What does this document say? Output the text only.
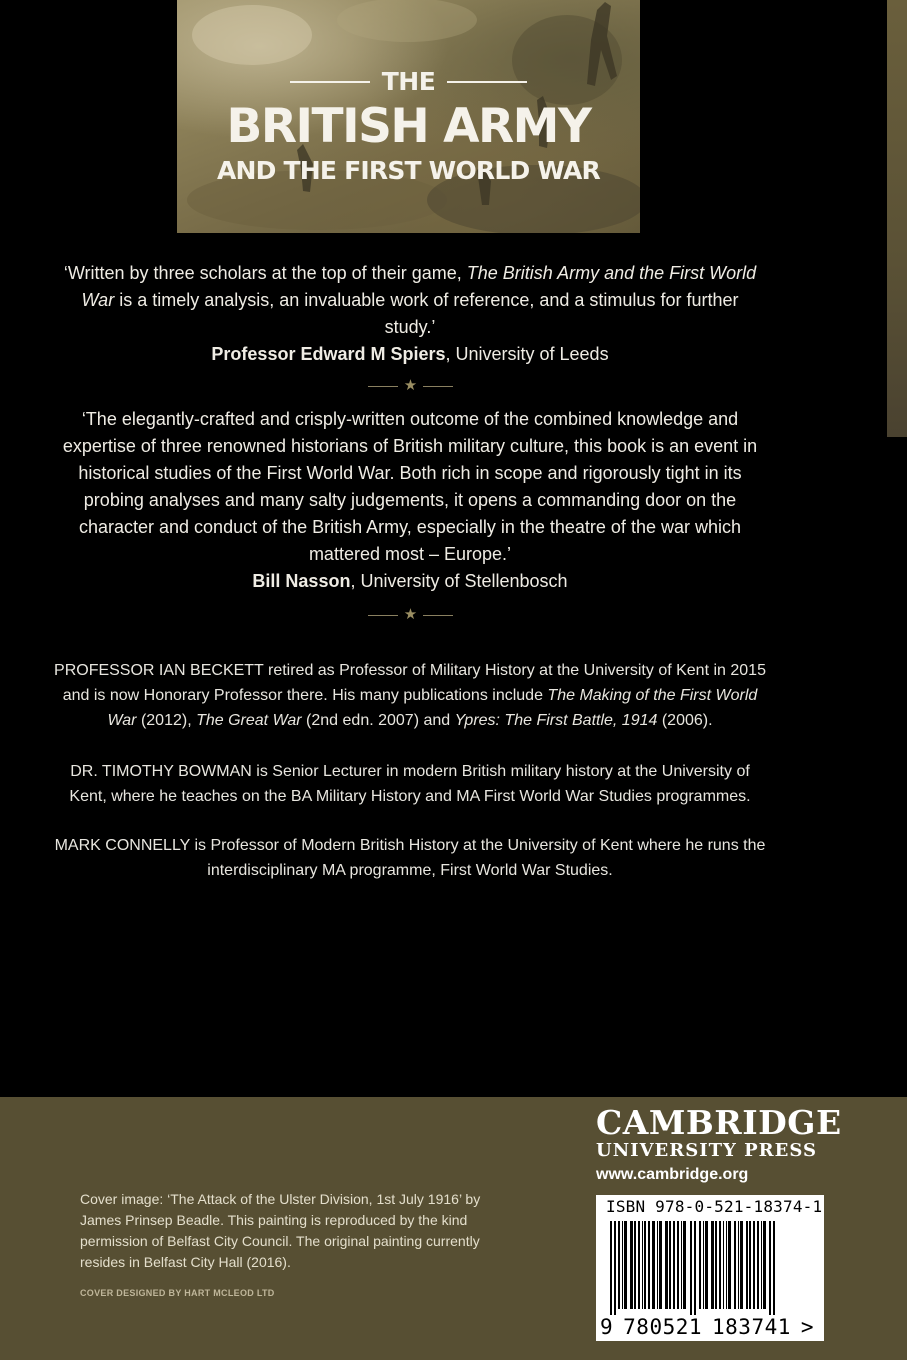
THE
BRITISH ARMY
AND THE FIRST WORLD WAR

‘Written by three scholars at the top of their game, The British Army and the First World War is a timely analysis, an invaluable work of reference, and a stimulus for further study.’

Professor Edward M Spiers, University of Leeds

★

‘The elegantly-crafted and crisply-written outcome of the combined knowledge and expertise of three renowned historians of British military culture, this book is an event in historical studies of the First World War. Both rich in scope and rigorously tight in its probing analyses and many salty judgements, it opens a commanding door on the character and conduct of the British Army, especially in the theatre of the war which mattered most – Europe.’

Bill Nasson, University of Stellenbosch

★

PROFESSOR IAN BECKETT retired as Professor of Military History at the University of Kent in 2015 and is now Honorary Professor there. His many publications include The Making of the First World War (2012), The Great War (2nd edn. 2007) and Ypres: The First Battle, 1914 (2006).

DR. TIMOTHY BOWMAN is Senior Lecturer in modern British military history at the University of Kent, where he teaches on the BA Military History and MA First World War Studies programmes.

MARK CONNELLY is Professor of Modern British History at the University of Kent where he runs the interdisciplinary MA programme, First World War Studies.

Cover image: ‘The Attack of the Ulster Division, 1st July 1916’ by James Prinsep Beadle. This painting is reproduced by the kind permission of Belfast City Council. The original painting currently resides in Belfast City Hall (2016).

COVER DESIGNED BY HART MCLEOD LTD

CAMBRIDGE
UNIVERSITY PRESS
www.cambridge.org
ISBN 978-0-521-18374-1
9 780521 183741 >
